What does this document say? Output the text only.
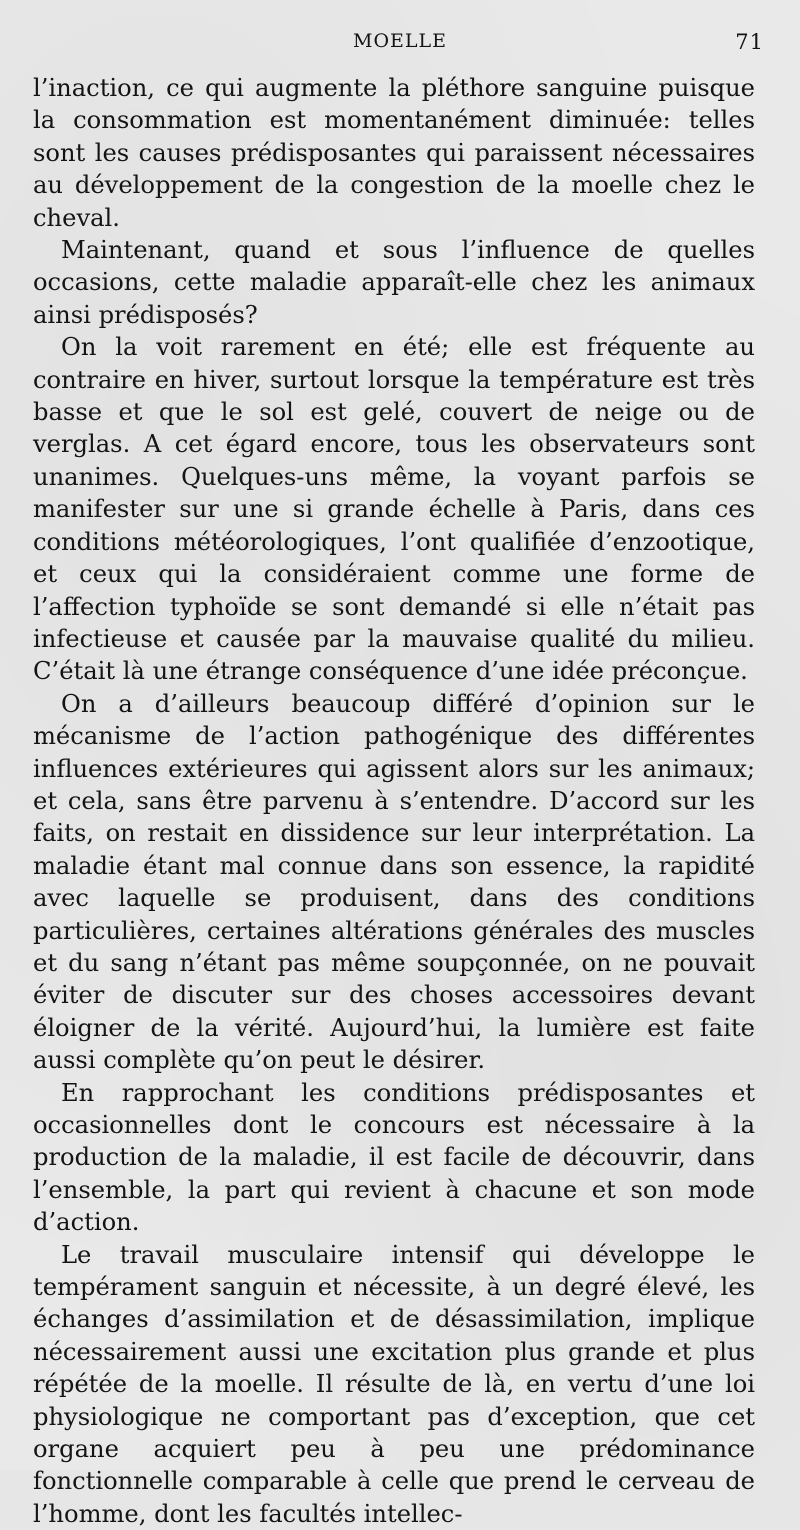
MOELLE	71

l’inaction, ce qui augmente la pléthore sanguine puisque la consommation est momentanément diminuée: telles sont les causes prédisposantes qui paraissent nécessaires au développement de la congestion de la moelle chez le cheval.

Maintenant, quand et sous l’influence de quelles occasions, cette maladie apparaît-elle chez les animaux ainsi prédisposés?

On la voit rarement en été; elle est fréquente au contraire en hiver, surtout lorsque la température est très basse et que le sol est gelé, couvert de neige ou de verglas. A cet égard encore, tous les observateurs sont unanimes. Quelques-uns même, la voyant parfois se manifester sur une si grande échelle à Paris, dans ces conditions météorologiques, l’ont qualifiée d’enzootique, et ceux qui la considéraient comme une forme de l’affection typhoïde se sont demandé si elle n’était pas infectieuse et causée par la mauvaise qualité du milieu. C’était là une étrange conséquence d’une idée préconçue.

On a d’ailleurs beaucoup différé d’opinion sur le mécanisme de l’action pathogénique des différentes influences extérieures qui agissent alors sur les animaux; et cela, sans être parvenu à s’entendre. D’accord sur les faits, on restait en dissidence sur leur interprétation. La maladie étant mal connue dans son essence, la rapidité avec laquelle se produisent, dans des conditions particulières, certaines altérations générales des muscles et du sang n’étant pas même soupçonnée, on ne pouvait éviter de discuter sur des choses accessoires devant éloigner de la vérité. Aujourd’hui, la lumière est faite aussi complète qu’on peut le désirer.

En rapprochant les conditions prédisposantes et occasionnelles dont le concours est nécessaire à la production de la maladie, il est facile de découvrir, dans l’ensemble, la part qui revient à chacune et son mode d’action.

Le travail musculaire intensif qui développe le tempérament sanguin et nécessite, à un degré élevé, les échanges d’assimilation et de désassimilation, implique nécessairement aussi une excitation plus grande et plus répétée de la moelle. Il résulte de là, en vertu d’une loi physiologique ne comportant pas d’exception, que cet organe acquiert peu à peu une prédominance fonctionnelle comparable à celle que prend le cerveau de l’homme, dont les facultés intellec-
